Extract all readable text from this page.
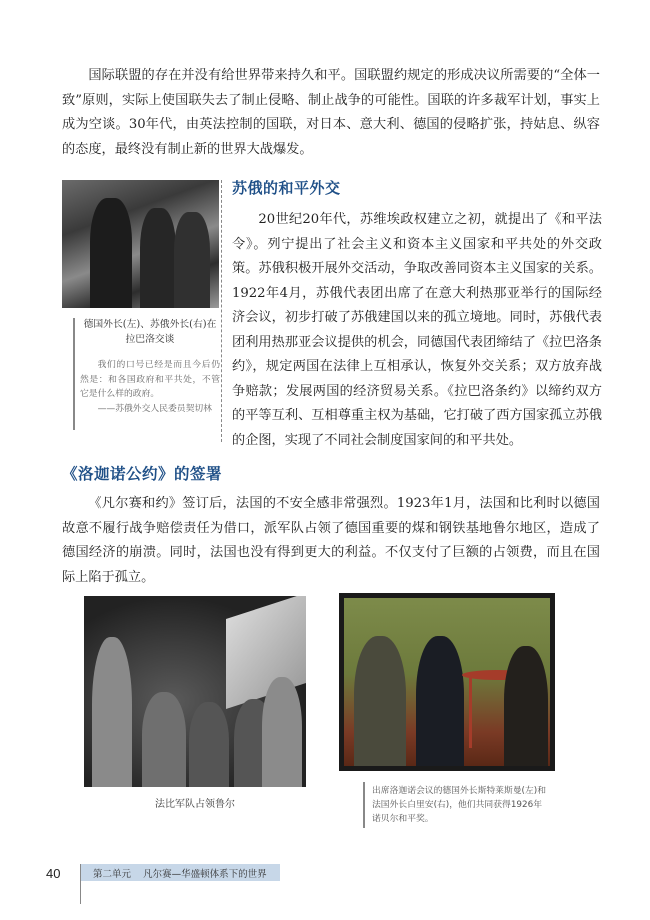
国际联盟的存在并没有给世界带来持久和平。国联盟约规定的形成决议所需要的“全体一致”原则，实际上使国联失去了制止侵略、制止战争的可能性。国联的许多裁军计划，事实上成为空谈。30年代，由英法控制的国联，对日本、意大利、德国的侵略扩张，持姑息、纵容的态度，最终没有制止新的世界大战爆发。

德国外长(左)、苏俄外长(右)在拉巴洛交谈

我们的口号已经是而且今后仍然是：和各国政府和平共处，不管它是什么样的政府。

——苏俄外交人民委员契切林

苏俄的和平外交

20世纪20年代，苏维埃政权建立之初，就提出了《和平法令》。列宁提出了社会主义和资本主义国家和平共处的外交政策。苏俄积极开展外交活动，争取改善同资本主义国家的关系。1922年4月，苏俄代表团出席了在意大利热那亚举行的国际经济会议，初步打破了苏俄建国以来的孤立境地。同时，苏俄代表团利用热那亚会议提供的机会，同德国代表团缔结了《拉巴洛条约》，规定两国在法律上互相承认，恢复外交关系；双方放弃战争赔款；发展两国的经济贸易关系。《拉巴洛条约》以缔约双方的平等互利、互相尊重主权为基础，它打破了西方国家孤立苏俄的企图，实现了不同社会制度国家间的和平共处。

《洛迦诺公约》的签署

《凡尔赛和约》签订后，法国的不安全感非常强烈。1923年1月，法国和比利时以德国故意不履行战争赔偿责任为借口，派军队占领了德国重要的煤和钢铁基地鲁尔地区，造成了德国经济的崩溃。同时，法国也没有得到更大的利益。不仅支付了巨额的占领费，而且在国际上陷于孤立。

法比军队占领鲁尔
出席洛迦诺会议的德国外长斯特莱斯曼(左)和法国外长白里安(右)，他们共同获得1926年诺贝尔和平奖。
40	第二单元    凡尔赛—华盛顿体系下的世界
